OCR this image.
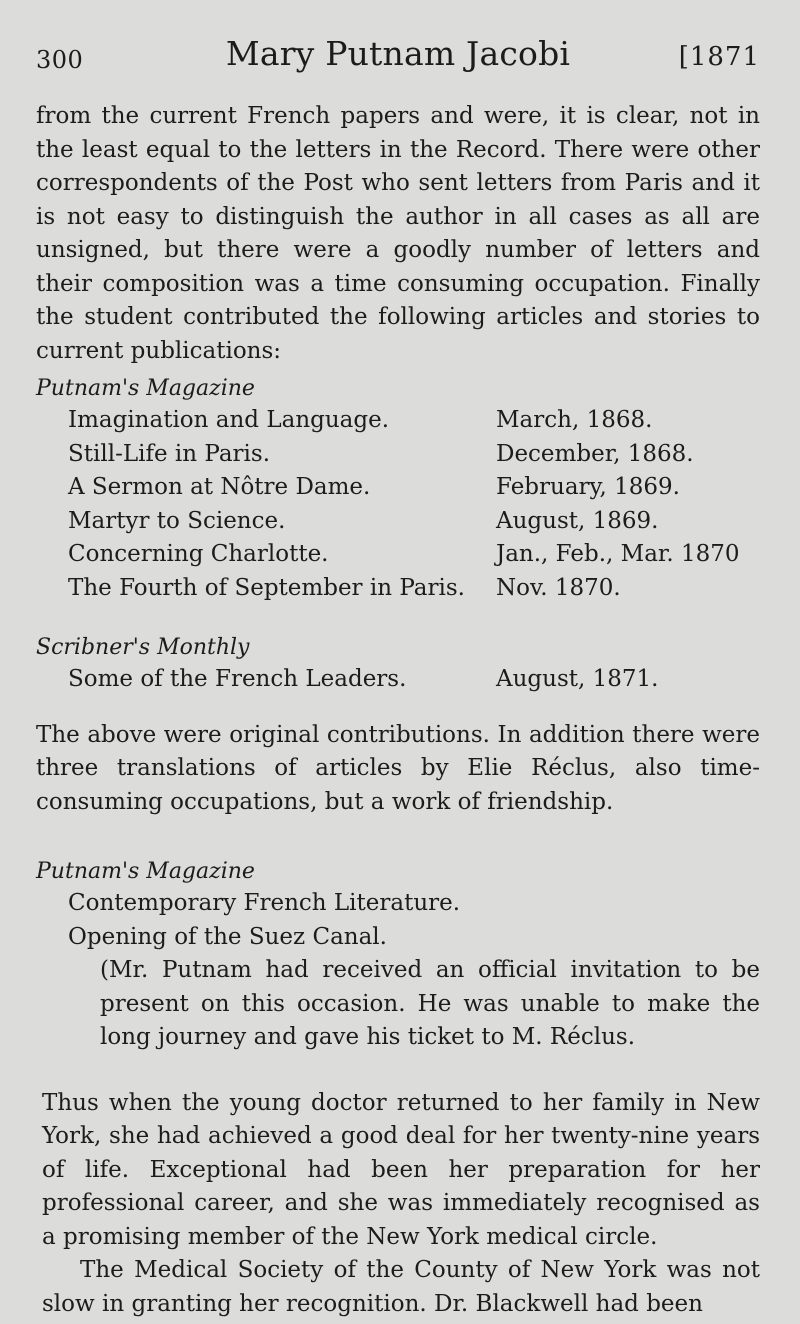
300	Mary Putnam Jacobi	[1871

from the current French papers and were, it is clear, not in the least equal to the letters in the Record. There were other correspondents of the Post who sent letters from Paris and it is not easy to distinguish the author in all cases as all are unsigned, but there were a goodly number of letters and their composition was a time consuming occupation. Finally the student contributed the following articles and stories to current publications:

Putnam's Magazine
Imagination and Language.	March, 1868.
Still-Life in Paris.	December, 1868.
A Sermon at Nôtre Dame.	February, 1869.
Martyr to Science.	August, 1869.
Concerning Charlotte.	Jan., Feb., Mar. 1870
The Fourth of September in Paris.	Nov. 1870.
Scribner's Monthly
Some of the French Leaders.	August, 1871.

The above were original contributions. In addition there were three translations of articles by Elie Réclus, also time-consuming occupations, but a work of friendship.

Putnam's Magazine
Contemporary French Literature.
Opening of the Suez Canal.

(Mr. Putnam had received an official invitation to be present on this occasion. He was unable to make the long journey and gave his ticket to M. Réclus.

Thus when the young doctor returned to her family in New York, she had achieved a good deal for her twenty-nine years of life. Exceptional had been her preparation for her professional career, and she was immediately recognised as a promising member of the New York medical circle.

The Medical Society of the County of New York was not slow in granting her recognition. Dr. Blackwell had been
